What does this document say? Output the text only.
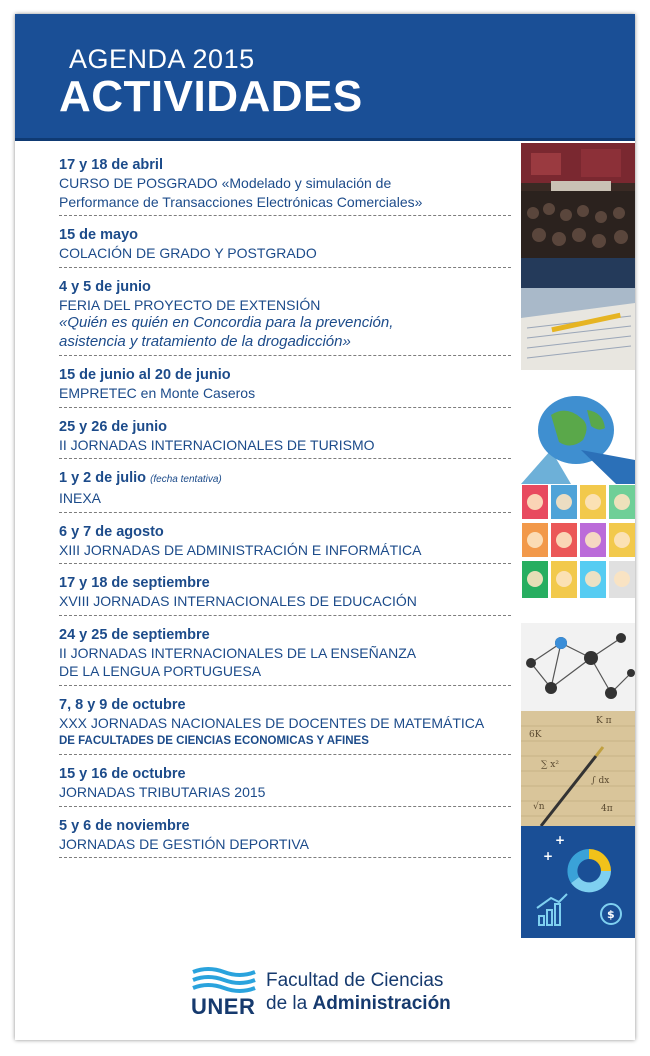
AGENDA 2015
ACTIVIDADES
17 y 18 de abril
CURSO DE POSGRADO «Modelado y simulación de
Performance de Transacciones Electrónicas Comerciales»
15 de mayo
COLACIÓN DE GRADO Y POSTGRADO
4 y 5 de junio
FERIA DEL PROYECTO DE EXTENSIÓN
«Quién es quién en Concordia para la prevención,
asistencia y tratamiento de la drogadicción»
15 de junio al 20 de junio
EMPRETEC en Monte Caseros
25 y 26 de junio
II JORNADAS INTERNACIONALES DE TURISMO
1 y 2 de julio (fecha tentativa)
INEXA
6 y 7 de agosto
XIII JORNADAS DE ADMINISTRACIÓN E INFORMÁTICA
17 y 18 de septiembre
XVIII JORNADAS INTERNACIONALES DE EDUCACIÓN
24 y 25 de septiembre
II JORNADAS INTERNACIONALES DE LA ENSEÑANZA
DE LA LENGUA PORTUGUESA
7, 8 y 9 de octubre
XXX JORNADAS NACIONALES DE DOCENTES DE MATEMÁTICA
DE FACULTADES DE CIENCIAS ECONOMICAS Y AFINES
15 y 16 de octubre
JORNADAS TRIBUTARIAS 2015
5 y 6 de noviembre
JORNADAS DE GESTIÓN DEPORTIVA
6K
K π
∑ x²
∫ dx
√n	4π
+
+
$
UNER
Facultad de Ciencias
de la Administración
